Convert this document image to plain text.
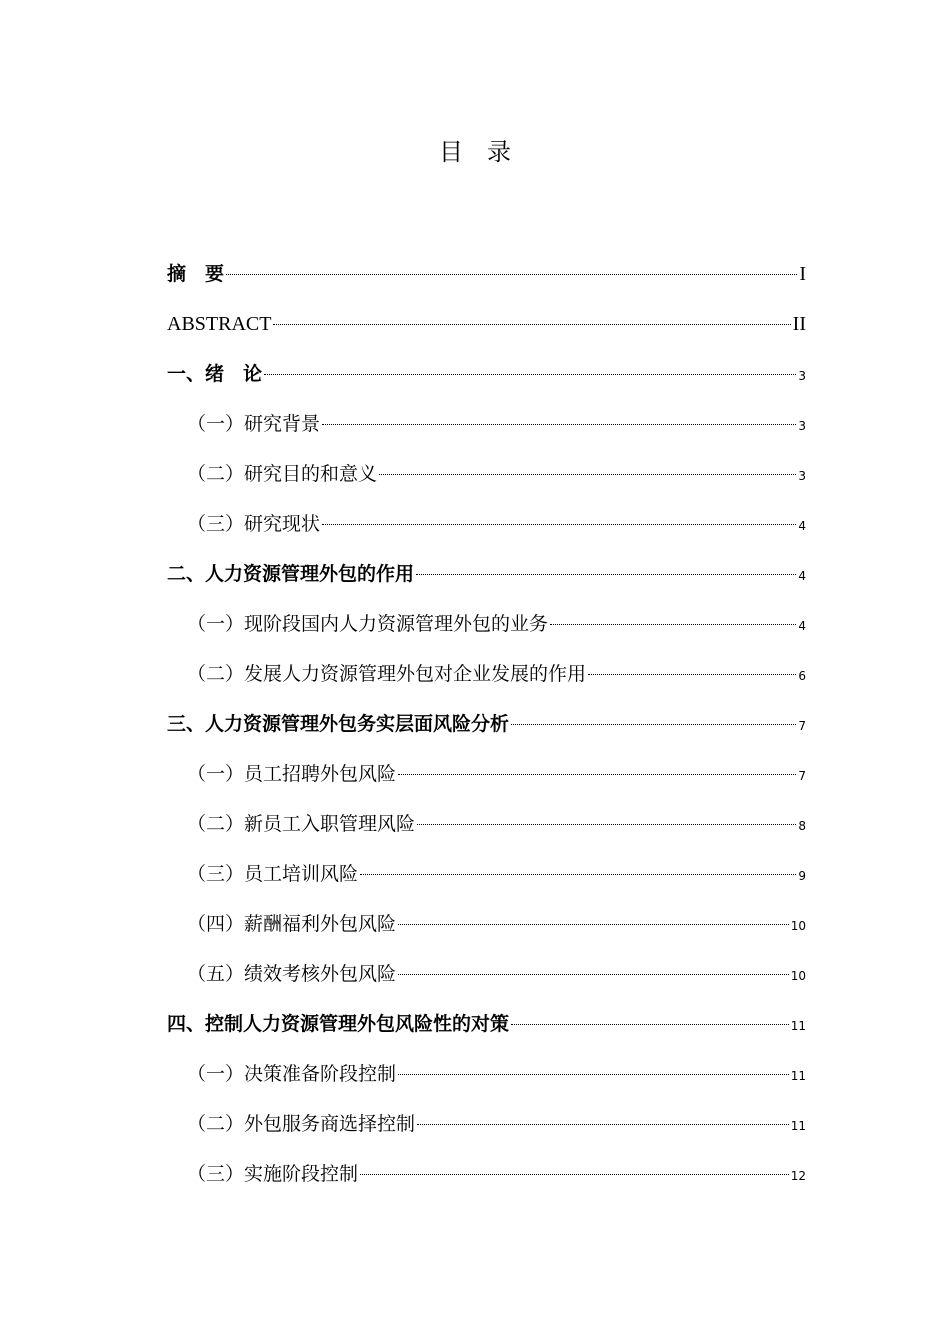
目　录
摘　要	I
ABSTRACT	II
一、绪　论	3
（一）研究背景	3
（二）研究目的和意义	3
（三）研究现状	4
二、人力资源管理外包的作用	4
（一）现阶段国内人力资源管理外包的业务	4
（二）发展人力资源管理外包对企业发展的作用	6
三、人力资源管理外包务实层面风险分析	7
（一）员工招聘外包风险	7
（二）新员工入职管理风险	8
（三）员工培训风险	9
（四）薪酬福利外包风险	10
（五）绩效考核外包风险	10
四、控制人力资源管理外包风险性的对策	11
（一）决策准备阶段控制	11
（二）外包服务商选择控制	11
（三）实施阶段控制	12
